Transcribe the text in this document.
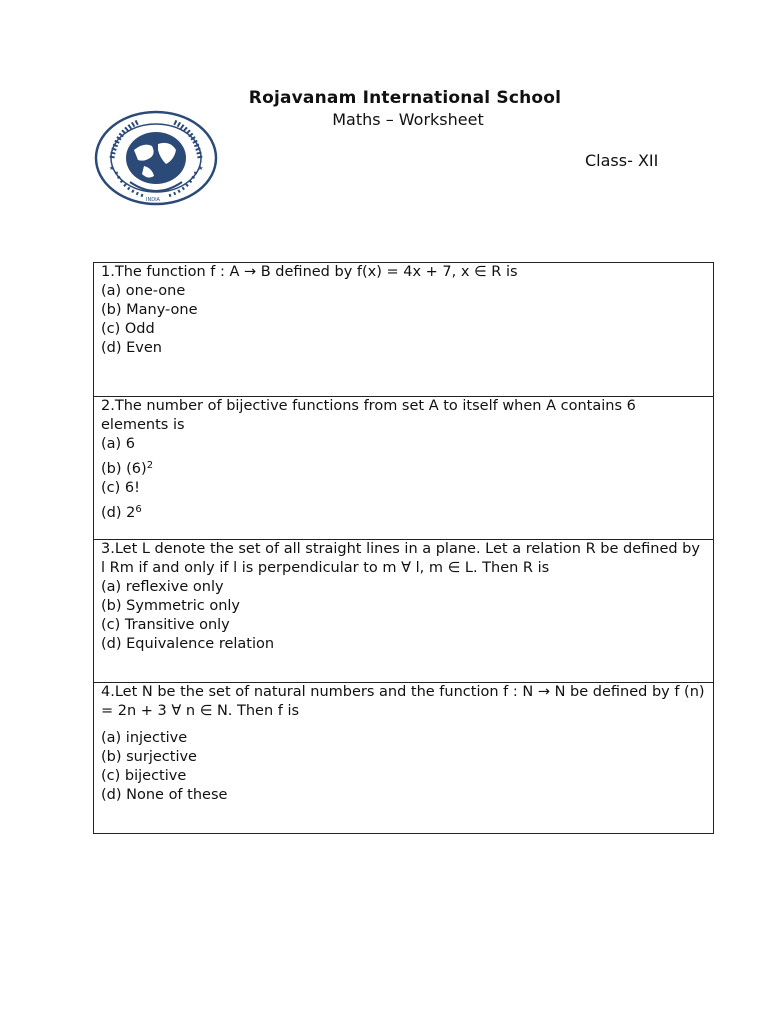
Rojavanam International School
Maths – Worksheet
Class- XII
★	★
INDIA
1.The function f : A → B defined by f(x) = 4x + 7, x ∈ R is
(a) one-one
(b) Many-one
(c) Odd
(d) Even
2.The number of bijective functions from set A to itself when A contains 6 elements is
(a) 6
(b) $(6)^2$
(c) 6!
(d) $2^6$
3.Let L denote the set of all straight lines in a plane. Let a relation R be defined by l Rm if and only if l is perpendicular to m ∀ l, m ∈ L. Then R is
(a) reflexive only
(b) Symmetric only
(c) Transitive only
(d) Equivalence relation
4.Let N be the set of natural numbers and the function f : N → N be defined by f (n) = 2n + 3 ∀ n ∈ N. Then f is
(a) injective
(b) surjective
(c) bijective
(d) None of these
